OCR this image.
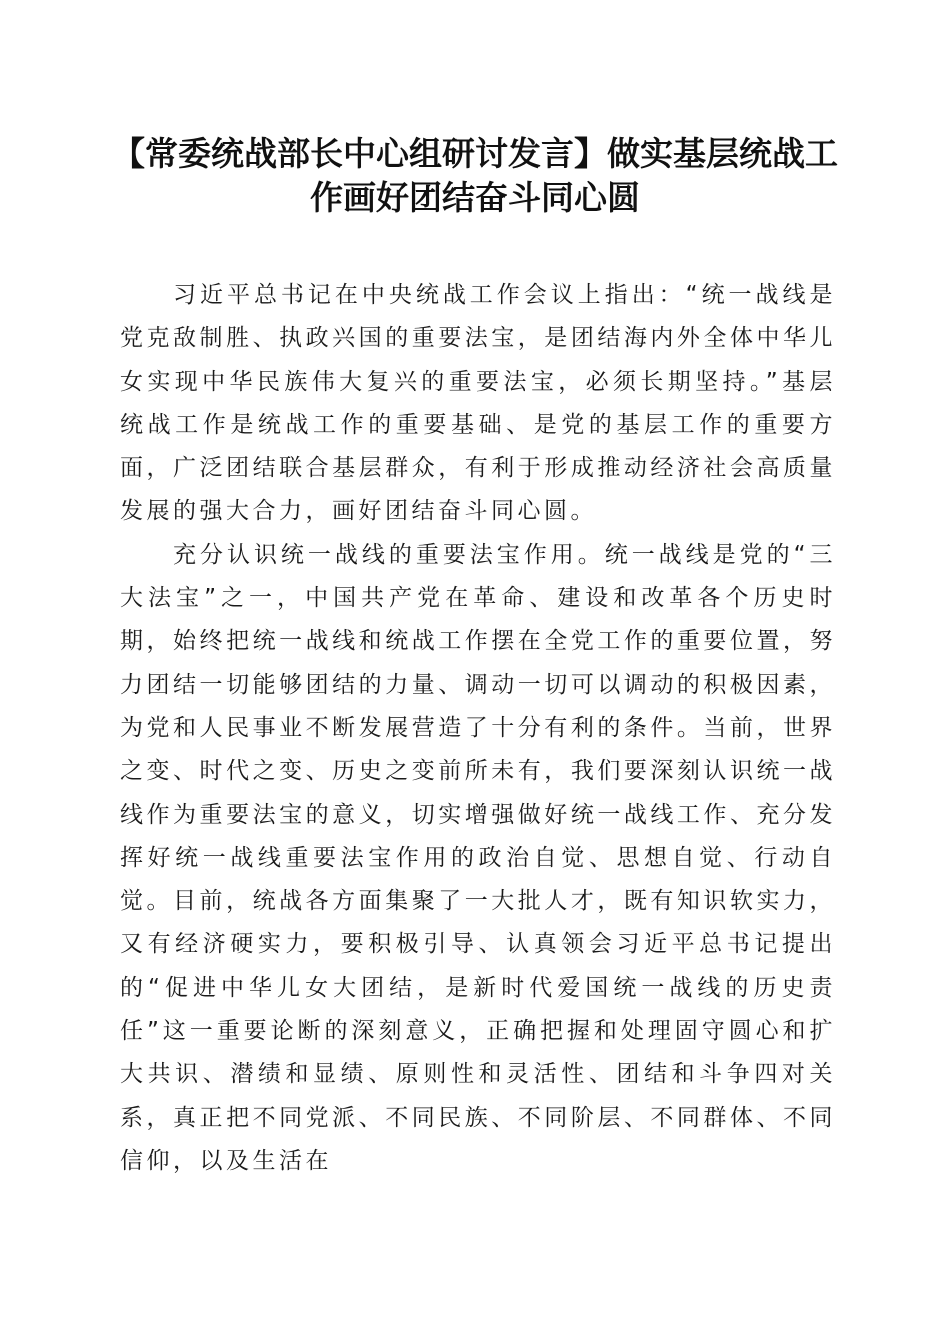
【常委统战部长中心组研讨发言】做实基层统战工作画好团结奋斗同心圆

习近平总书记在中央统战工作会议上指出：“统一战线是党克敌制胜、执政兴国的重要法宝，是团结海内外全体中华儿女实现中华民族伟大复兴的重要法宝，必须长期坚持。”基层统战工作是统战工作的重要基础、是党的基层工作的重要方面，广泛团结联合基层群众，有利于形成推动经济社会高质量发展的强大合力，画好团结奋斗同心圆。

充分认识统一战线的重要法宝作用。统一战线是党的“三大法宝”之一，中国共产党在革命、建设和改革各个历史时期，始终把统一战线和统战工作摆在全党工作的重要位置，努力团结一切能够团结的力量、调动一切可以调动的积极因素，为党和人民事业不断发展营造了十分有利的条件。当前，世界之变、时代之变、历史之变前所未有，我们要深刻认识统一战线作为重要法宝的意义，切实增强做好统一战线工作、充分发挥好统一战线重要法宝作用的政治自觉、思想自觉、行动自觉。目前，统战各方面集聚了一大批人才，既有知识软实力，又有经济硬实力，要积极引导、认真领会习近平总书记提出的“促进中华儿女大团结，是新时代爱国统一战线的历史责任”这一重要论断的深刻意义，正确把握和处理固守圆心和扩大共识、潜绩和显绩、原则性和灵活性、团结和斗争四对关系，真正把不同党派、不同民族、不同阶层、不同群体、不同信仰，以及生活在
